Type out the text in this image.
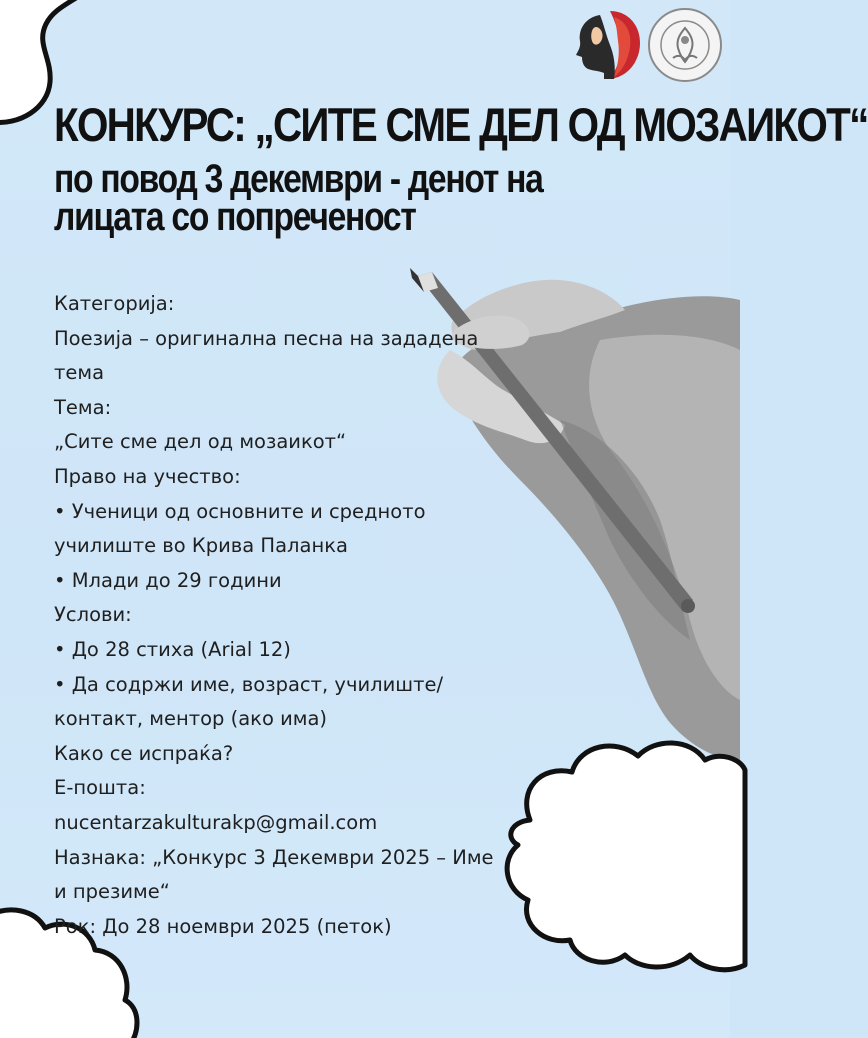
КОНКУРС: „СИТЕ СМЕ ДЕЛ ОД МОЗАИКОТ“
по повод 3 декември - денот на лицата со попреченост

Категорија:

Поезија – оригинална песна на зададена тема

Тема:

„Сите сме дел од мозаикот“

Право на учество:

• Ученици од основните и средното училиште во Крива Паланка

• Млади до 29 години

Услови:

• До 28 стиха (Arial 12)

• Да содржи име, возраст, училиште/ контакт, ментор (ако има)

Како се испраќа?

Е-пошта:

nucentarzakulturakp@gmail.com

Назнака: „Конкурс 3 Декември 2025 – Име и презиме“

Рок: До 28 ноември 2025 (петок)
